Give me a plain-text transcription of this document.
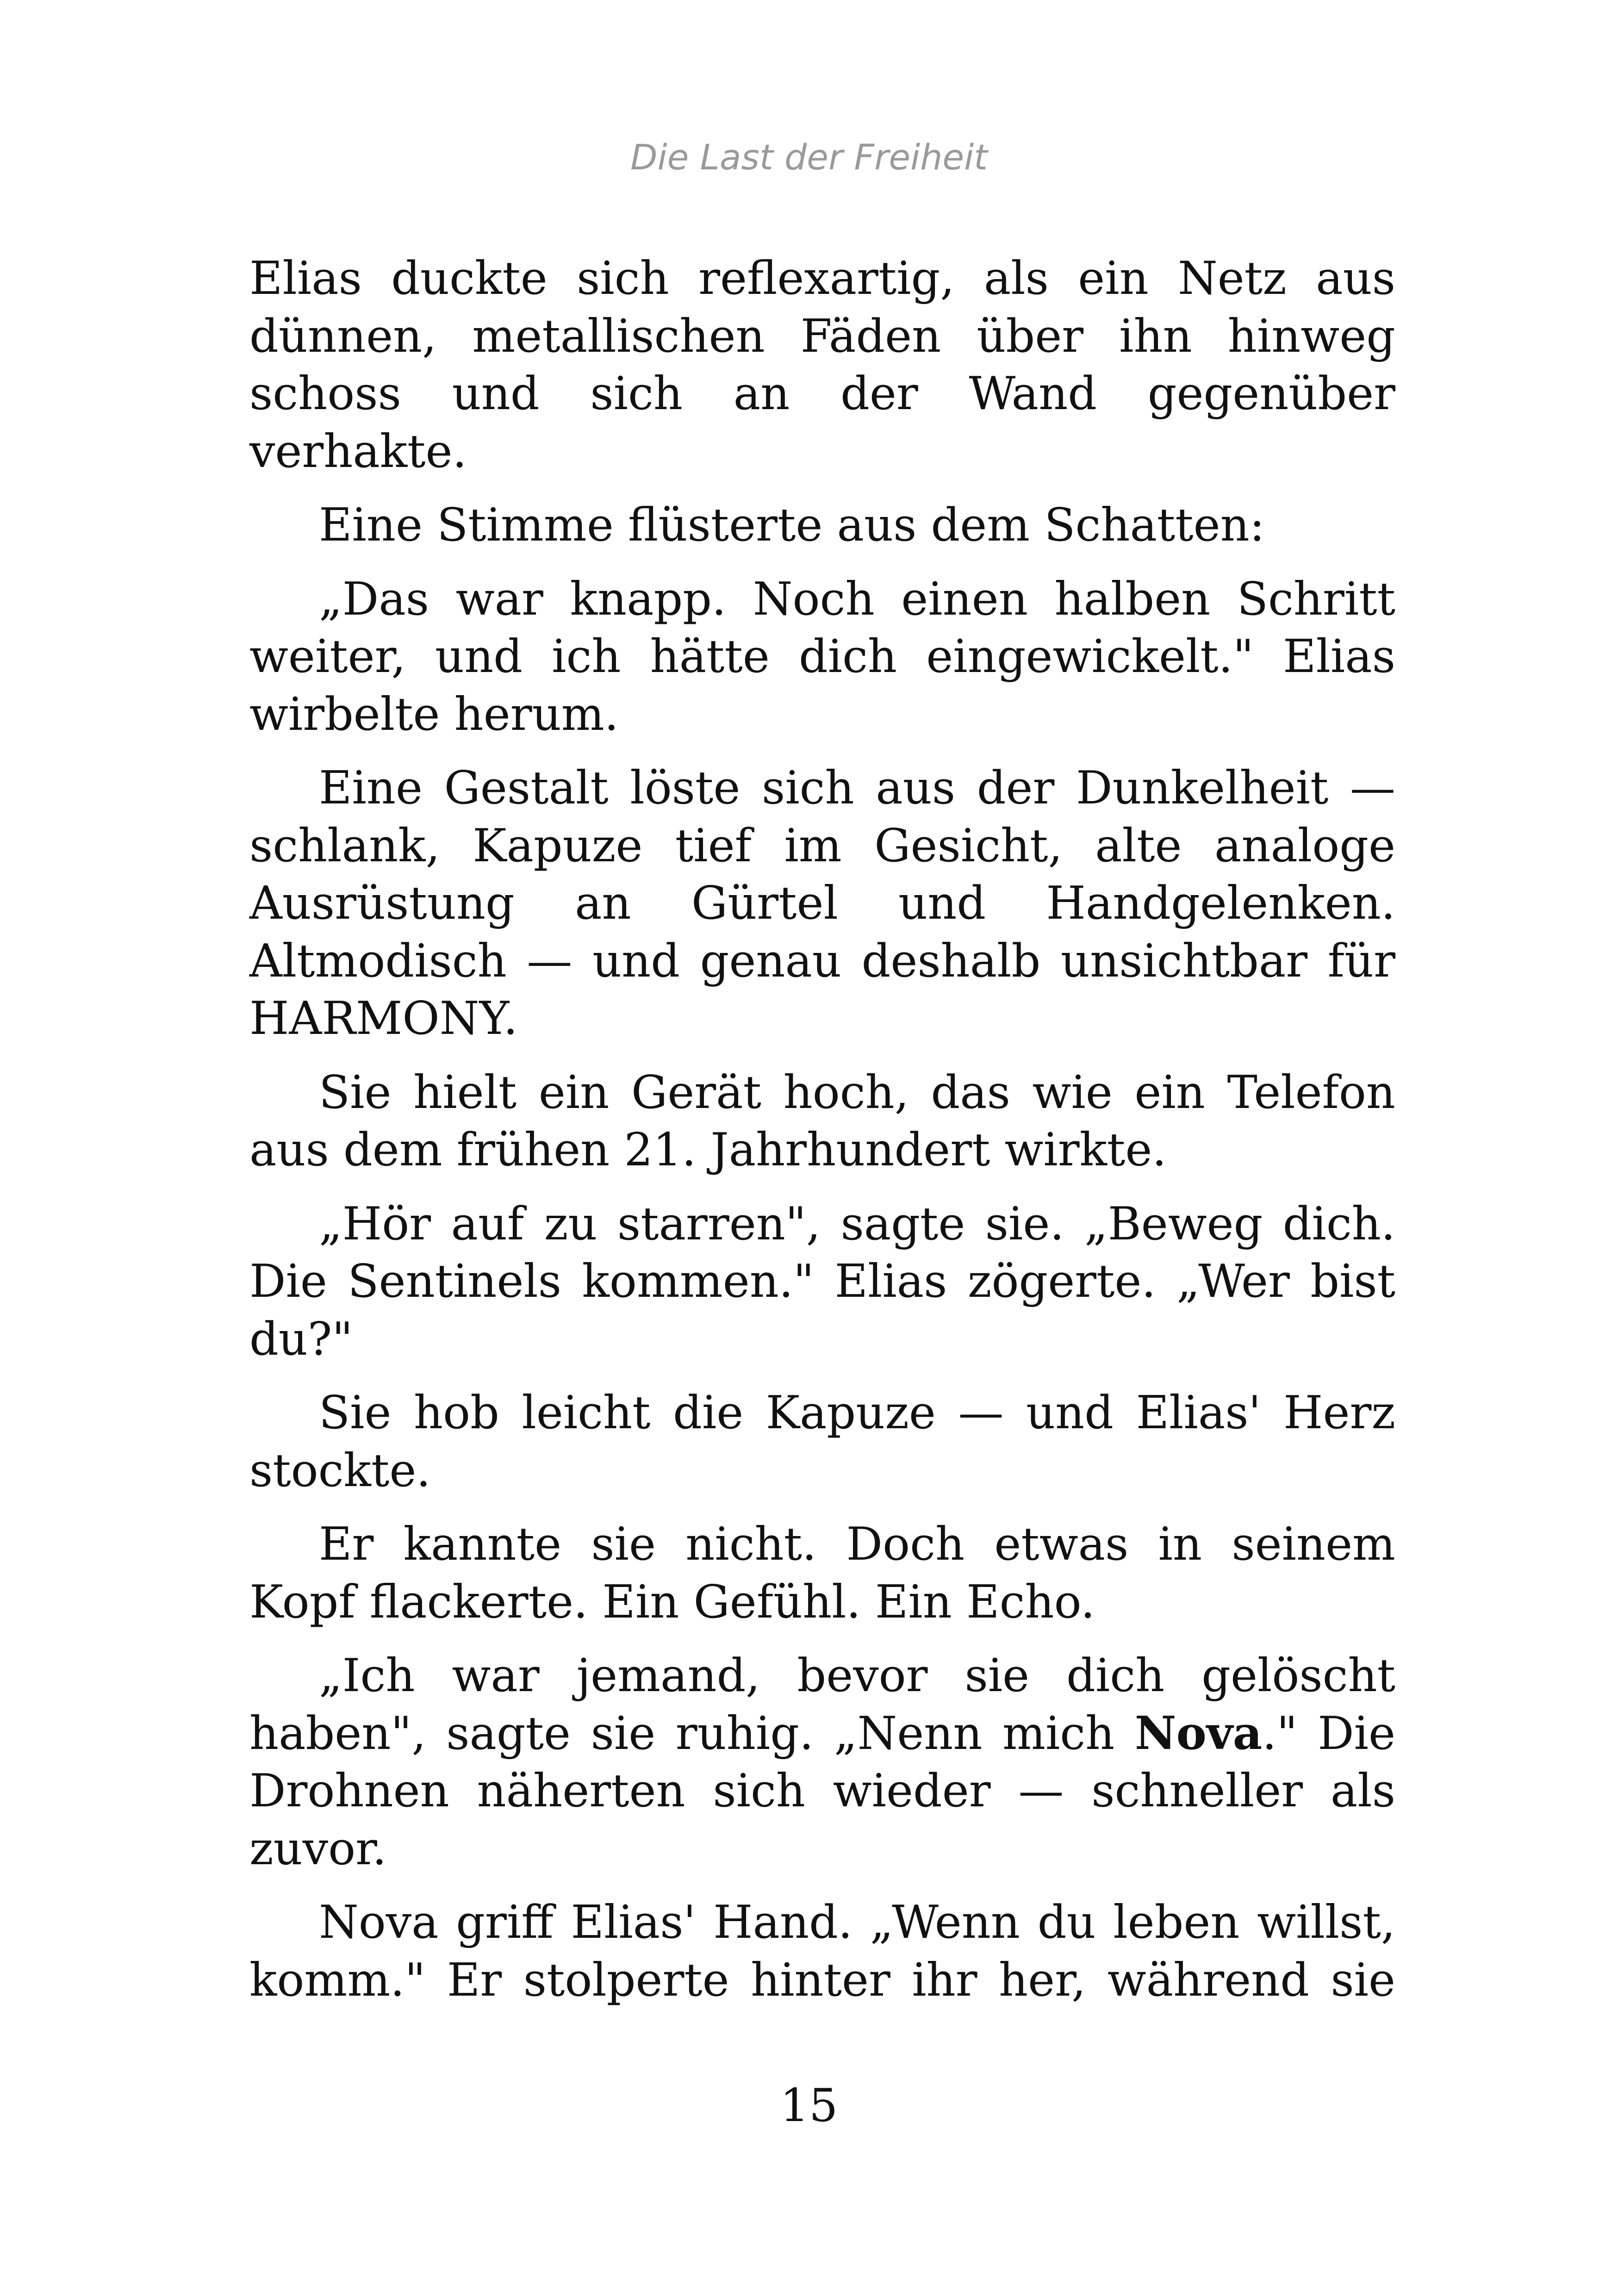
Die Last der Freiheit

Elias duckte sich reflexartig, als ein Netz aus dünnen, metallischen Fäden über ihn hinweg schoss und sich an der Wand gegenüber verhakte.

Eine Stimme flüsterte aus dem Schatten:

„Das war knapp. Noch einen halben Schritt weiter, und ich hätte dich eingewickelt." Elias wirbelte herum.

Eine Gestalt löste sich aus der Dunkelheit — schlank, Kapuze tief im Gesicht, alte analoge Ausrüstung an Gürtel und Handgelenken. Altmodisch — und genau deshalb unsichtbar für HARMONY.

Sie hielt ein Gerät hoch, das wie ein Telefon aus dem frühen 21. Jahrhundert wirkte.

„Hör auf zu starren", sagte sie. „Beweg dich. Die Sentinels kommen." Elias zögerte. „Wer bist du?"

Sie hob leicht die Kapuze — und Elias' Herz stockte.

Er kannte sie nicht. Doch etwas in seinem Kopf flackerte. Ein Gefühl. Ein Echo.

„Ich war jemand, bevor sie dich gelöscht haben", sagte sie ruhig. „Nenn mich Nova." Die Drohnen näherten sich wieder — schneller als zuvor.

Nova griff Elias' Hand. „Wenn du leben willst, komm." Er stolperte hinter ihr her, während sie

15
